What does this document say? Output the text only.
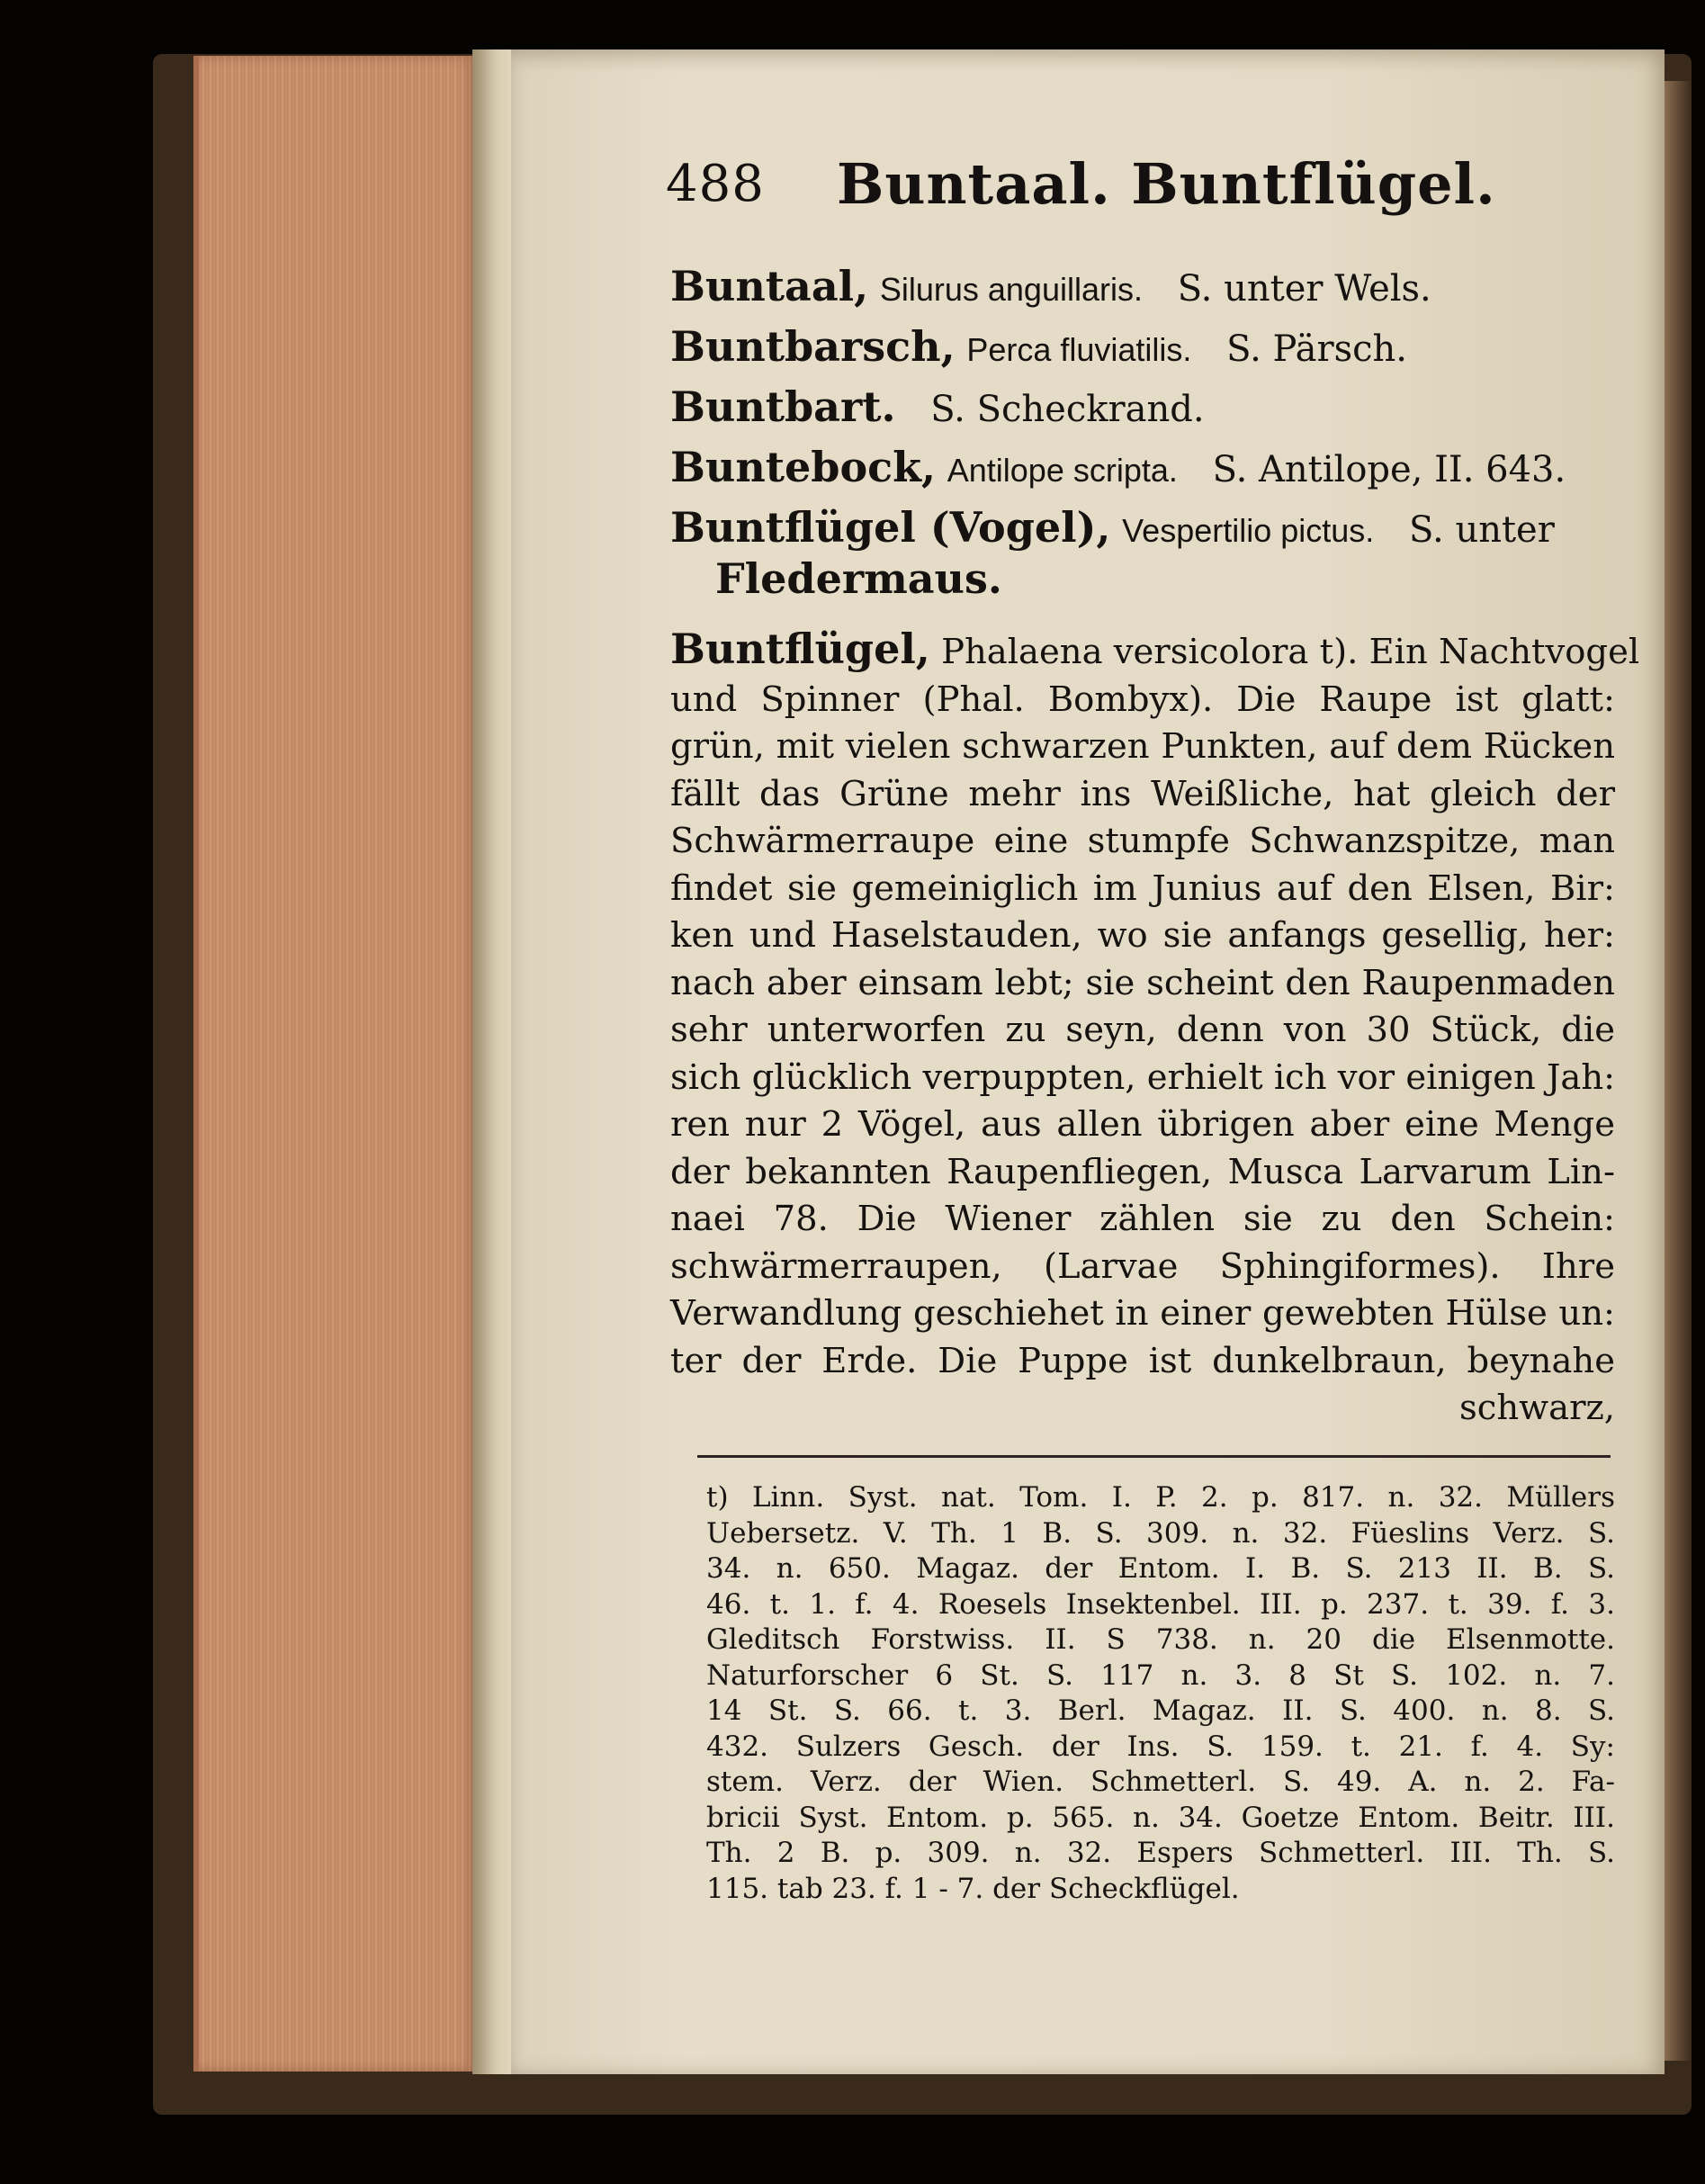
488 Buntaal. Buntflügel.
Buntaal, Silurus anguillaris. S. unter Wels.
Buntbarsch, Perca fluviatilis. S. Pärsch.
Buntbart. S. Scheckrand.
Buntebock, Antilope scripta. S. Antilope, II. 643.
Buntflügel (Vogel), Vespertilio pictus. S. unter
Fledermaus.
Buntflügel, Phalaena versicolora t). Ein Nachtvogel
und Spinner (Phal. Bombyx). Die Raupe ist glatt:
grün, mit vielen schwarzen Punkten, auf dem Rücken
fällt das Grüne mehr ins Weißliche, hat gleich der
Schwärmerraupe eine stumpfe Schwanzspitze, man
findet sie gemeiniglich im Junius auf den Elsen, Bir:
ken und Haselstauden, wo sie anfangs gesellig, her:
nach aber einsam lebt; sie scheint den Raupenmaden
sehr unterworfen zu seyn, denn von 30 Stück, die
sich glücklich verpuppten, erhielt ich vor einigen Jah:
ren nur 2 Vögel, aus allen übrigen aber eine Menge
der bekannten Raupenfliegen, Musca Larvarum Lin-
naei 78. Die Wiener zählen sie zu den Schein:
schwärmerraupen, (Larvae Sphingiformes). Ihre
Verwandlung geschiehet in einer gewebten Hülse un:
ter der Erde. Die Puppe ist dunkelbraun, beynahe
schwarz,
t) Linn. Syst. nat. Tom. I. P. 2. p. 817. n. 32. Müllers
Uebersetz. V. Th. 1 B. S. 309. n. 32. Füeslins Verz. S.
34. n. 650. Magaz. der Entom. I. B. S. 213 II. B. S.
46. t. 1. f. 4. Roesels Insektenbel. III. p. 237. t. 39. f. 3.
Gleditsch Forstwiss. II. S 738. n. 20 die Elsenmotte.
Naturforscher 6 St. S. 117 n. 3. 8 St S. 102. n. 7.
14 St. S. 66. t. 3. Berl. Magaz. II. S. 400. n. 8. S.
432. Sulzers Gesch. der Ins. S. 159. t. 21. f. 4. Sy:
stem. Verz. der Wien. Schmetterl. S. 49. A. n. 2. Fa-
bricii Syst. Entom. p. 565. n. 34. Goetze Entom. Beitr. III.
Th. 2 B. p. 309. n. 32. Espers Schmetterl. III. Th. S.
115. tab 23. f. 1 - 7. der Scheckflügel.
